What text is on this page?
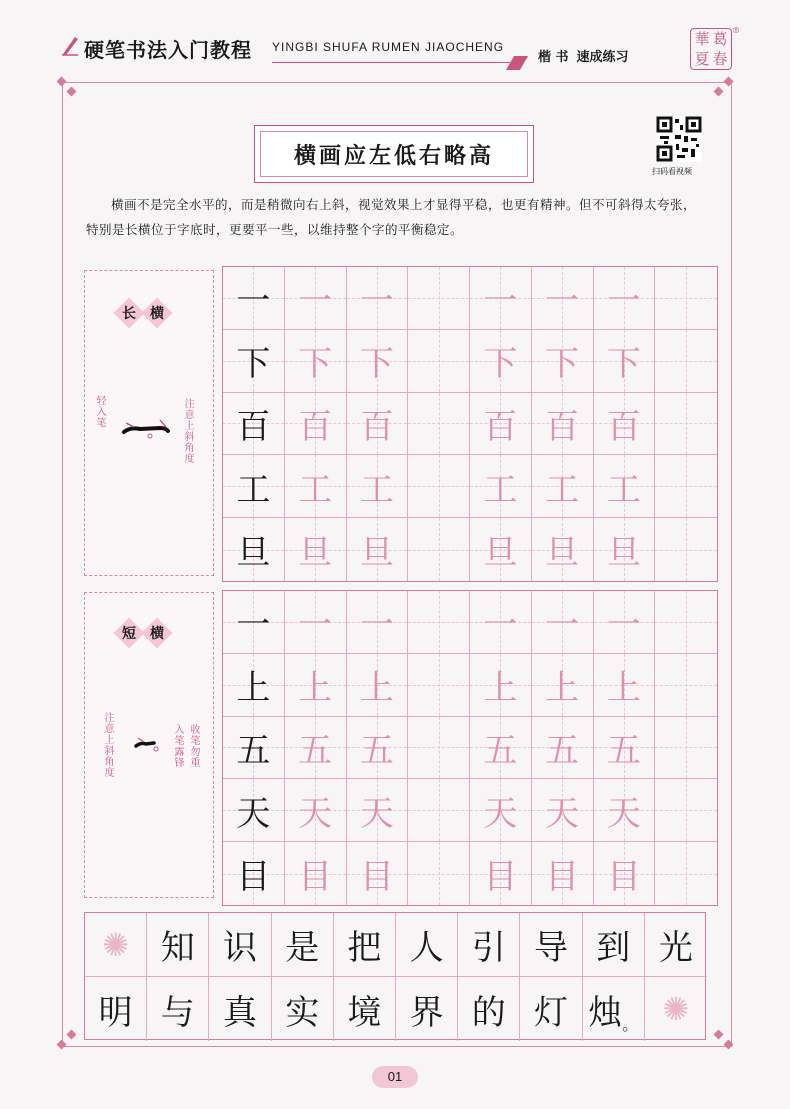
硬笔书法入门教程 YINGBI SHUFA RUMEN JIAOCHENG
楷 书 速成练习
華 葛
夏 春
®
横画应左低右略高
扫码看视频
横画不是完全水平的，而是稍微向右上斜，视觉效果上才显得平稳，也更有精神。但不可斜得太夸张，特别是长横位于字底时，更要平一些，以维持整个字的平衡稳定。
长 横
轻入笔	注意上斜角度
一 一 一	一 一 一
下 下 下	下 下 下
百 百 百	百 百 百
工 工 工	工 工 工
旦 旦 旦	旦 旦 旦
短 横
注意上斜角度	收笔勿重
入笔露锋
一 一 一	一 一 一
上 上 上	上 上 上
五 五 五	五 五 五
天 天 天	天 天 天
目 目 目	目 目 目
✺ 知 识 是 把 人 引 导 到 光
明 与 真 实 境 界 的 灯 烛 。 ✺
01
